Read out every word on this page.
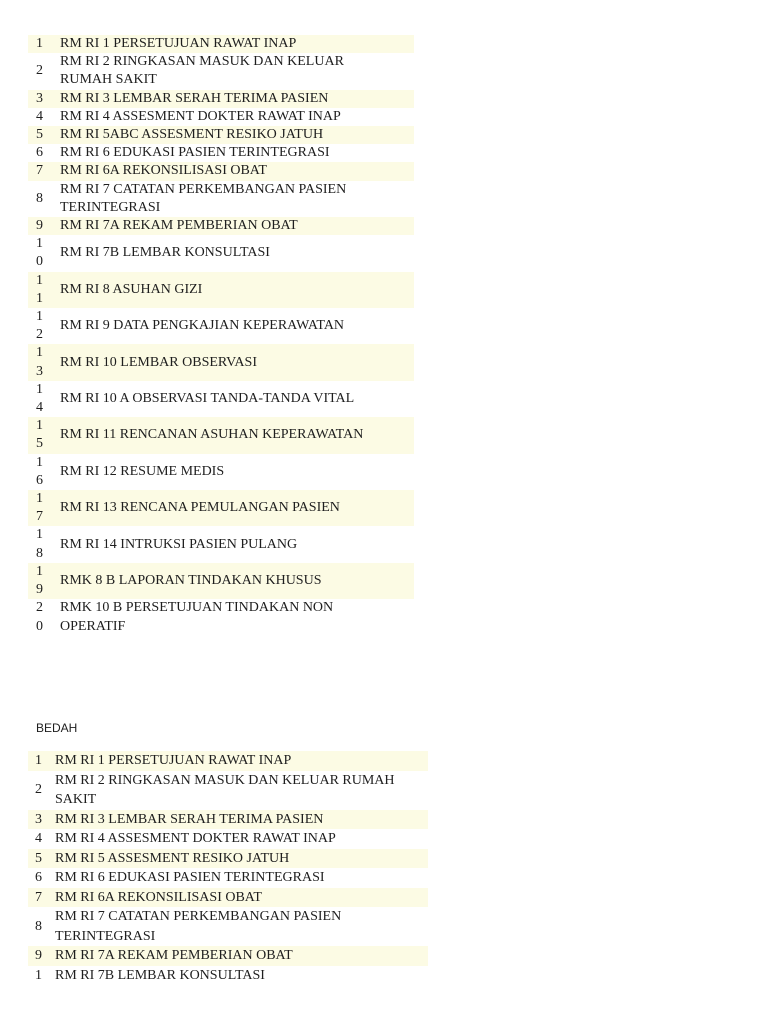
1 RM RI 1 PERSETUJUAN RAWAT INAP
2
RM RI 2 RINGKASAN MASUK DAN KELUAR
RUMAH SAKIT
3 RM RI 3 LEMBAR SERAH TERIMA PASIEN
4 RM RI 4 ASSESMENT DOKTER RAWAT INAP
5 RM RI 5ABC ASSESMENT RESIKO JATUH
6 RM RI 6 EDUKASI PASIEN TERINTEGRASI
7 RM RI 6A REKONSILISASI OBAT
8
RM RI 7 CATATAN PERKEMBANGAN PASIEN
TERINTEGRASI
9 RM RI 7A REKAM PEMBERIAN OBAT
10
RM RI 7B LEMBAR KONSULTASI
11
RM RI 8 ASUHAN GIZI
12
RM RI 9 DATA PENGKAJIAN KEPERAWATAN
13
RM RI 10 LEMBAR OBSERVASI
14
RM RI 10 A OBSERVASI TANDA-TANDA VITAL
15
RM RI 11 RENCANAN ASUHAN KEPERAWATAN
16
RM RI 12 RESUME MEDIS
17
RM RI 13 RENCANA PEMULANGAN PASIEN
18
RM RI 14 INTRUKSI PASIEN PULANG
19
RMK 8 B LAPORAN TINDAKAN KHUSUS
20
RMK 10 B PERSETUJUAN TINDAKAN NON
OPERATIF
BEDAH
1 RM RI 1 PERSETUJUAN RAWAT INAP
2
RM RI 2 RINGKASAN MASUK DAN KELUAR RUMAH
SAKIT
3 RM RI 3 LEMBAR SERAH TERIMA PASIEN
4 RM RI 4 ASSESMENT DOKTER RAWAT INAP
5 RM RI 5 ASSESMENT RESIKO JATUH
6 RM RI 6 EDUKASI PASIEN TERINTEGRASI
7 RM RI 6A REKONSILISASI OBAT
8
RM RI 7 CATATAN PERKEMBANGAN PASIEN
TERINTEGRASI
9 RM RI 7A REKAM PEMBERIAN OBAT
1 RM RI 7B LEMBAR KONSULTASI
